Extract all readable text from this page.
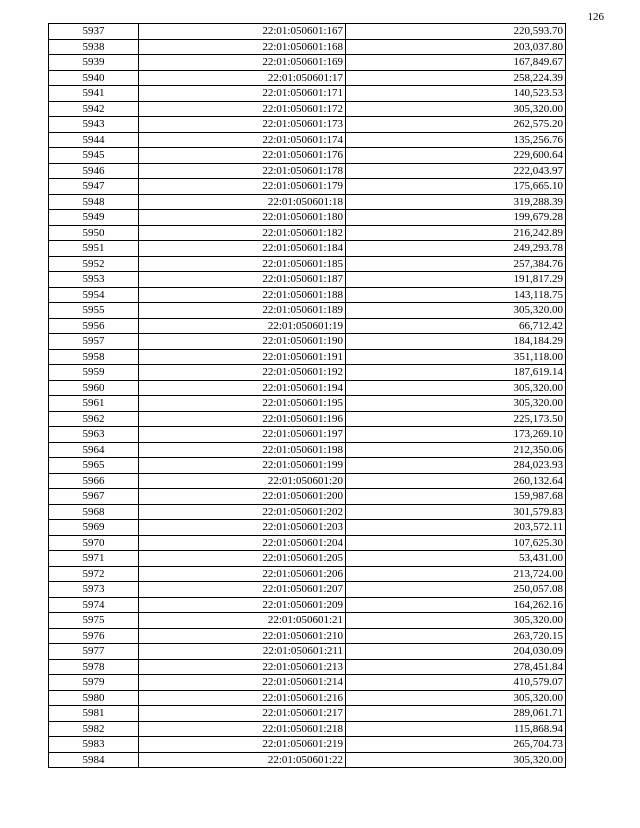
126
5937	22:01:050601:167	220,593.70
5938	22:01:050601:168	203,037.80
5939	22:01:050601:169	167,849.67
5940	22:01:050601:17	258,224.39
5941	22:01:050601:171	140,523.53
5942	22:01:050601:172	305,320.00
5943	22:01:050601:173	262,575.20
5944	22:01:050601:174	135,256.76
5945	22:01:050601:176	229,600.64
5946	22:01:050601:178	222,043.97
5947	22:01:050601:179	175,665.10
5948	22:01:050601:18	319,288.39
5949	22:01:050601:180	199,679.28
5950	22:01:050601:182	216,242.89
5951	22:01:050601:184	249,293.78
5952	22:01:050601:185	257,384.76
5953	22:01:050601:187	191,817.29
5954	22:01:050601:188	143,118.75
5955	22:01:050601:189	305,320.00
5956	22:01:050601:19	66,712.42
5957	22:01:050601:190	184,184.29
5958	22:01:050601:191	351,118.00
5959	22:01:050601:192	187,619.14
5960	22:01:050601:194	305,320.00
5961	22:01:050601:195	305,320.00
5962	22:01:050601:196	225,173.50
5963	22:01:050601:197	173,269.10
5964	22:01:050601:198	212,350.06
5965	22:01:050601:199	284,023.93
5966	22:01:050601:20	260,132.64
5967	22:01:050601:200	159,987.68
5968	22:01:050601:202	301,579.83
5969	22:01:050601:203	203,572.11
5970	22:01:050601:204	107,625.30
5971	22:01:050601:205	53,431.00
5972	22:01:050601:206	213,724.00
5973	22:01:050601:207	250,057.08
5974	22:01:050601:209	164,262.16
5975	22:01:050601:21	305,320.00
5976	22:01:050601:210	263,720.15
5977	22:01:050601:211	204,030.09
5978	22:01:050601:213	278,451.84
5979	22:01:050601:214	410,579.07
5980	22:01:050601:216	305,320.00
5981	22:01:050601:217	289,061.71
5982	22:01:050601:218	115,868.94
5983	22:01:050601:219	265,704.73
5984	22:01:050601:22	305,320.00
